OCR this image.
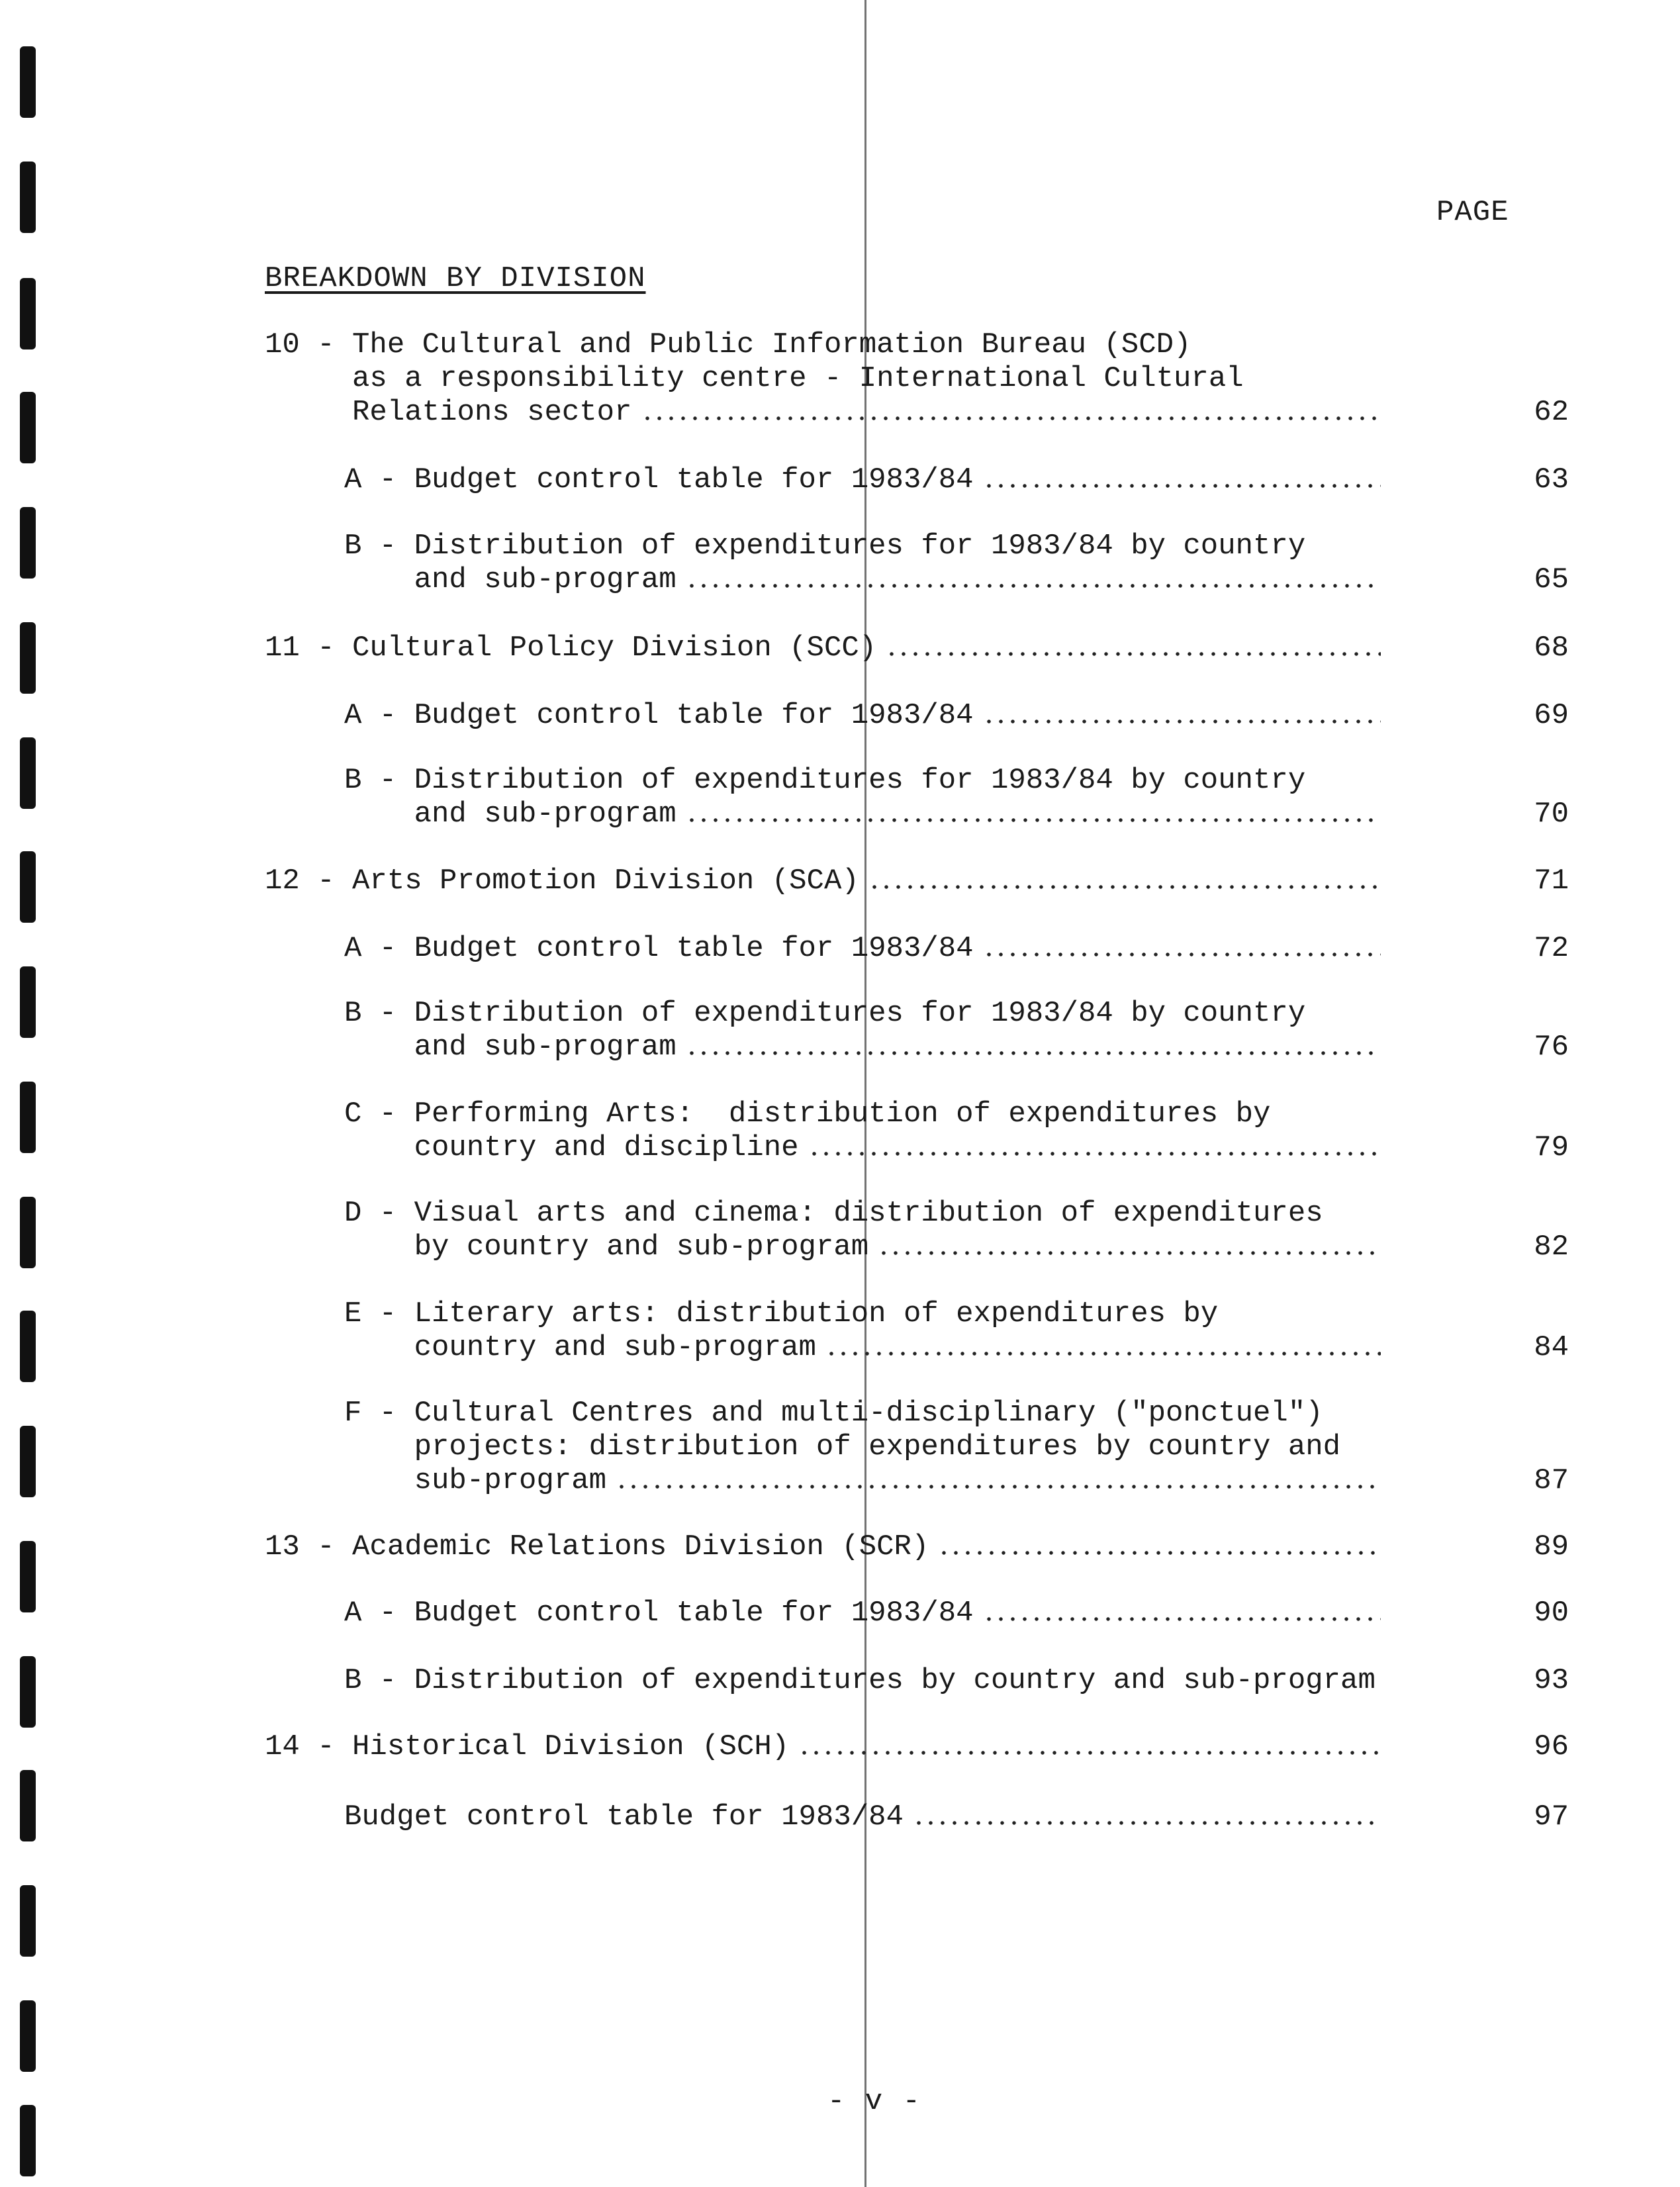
PAGE
BREAKDOWN BY DIVISION
10 - The Cultural and Public Information Bureau (SCD)
as a responsibility centre - International Cultural
Relations sector	62
A - Budget control table for 1983/84	63
B - Distribution of expenditures for 1983/84 by country
and sub-program	65
11 - Cultural Policy Division (SCC)	68
A - Budget control table for 1983/84	69
B - Distribution of expenditures for 1983/84 by country
and sub-program	70
12 - Arts Promotion Division (SCA)	71
A - Budget control table for 1983/84	72
B - Distribution of expenditures for 1983/84 by country
and sub-program	76
C - Performing Arts:  distribution of expenditures by
country and discipline	79
D - Visual arts and cinema: distribution of expenditures
by country and sub-program	82
E - Literary arts: distribution of expenditures by
country and sub-program	84
F - Cultural Centres and multi-disciplinary ("ponctuel")
projects: distribution of expenditures by country and
sub-program	87
13 - Academic Relations Division (SCR)	89
A - Budget control table for 1983/84	90
B - Distribution of expenditures by country and sub-program	93
14 - Historical Division (SCH)	96
Budget control table for 1983/84	97
- v -
